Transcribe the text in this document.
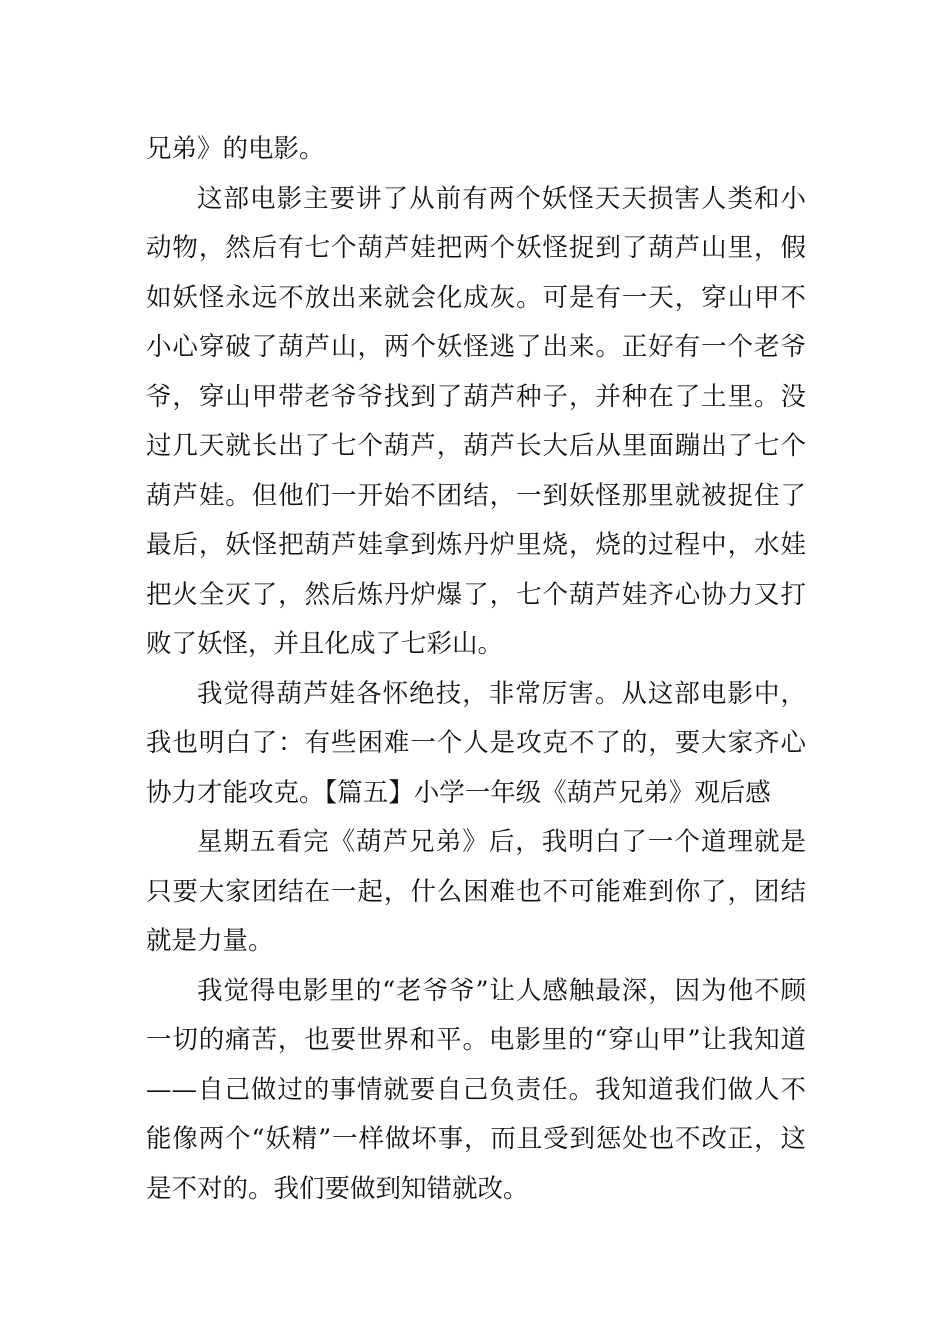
兄弟》的电影。

这部电影主要讲了从前有两个妖怪天天损害人类和小动物，然后有七个葫芦娃把两个妖怪捉到了葫芦山里，假如妖怪永远不放出来就会化成灰。可是有一天，穿山甲不小心穿破了葫芦山，两个妖怪逃了出来。正好有一个老爷爷，穿山甲带老爷爷找到了葫芦种子，并种在了土里。没过几天就长出了七个葫芦，葫芦长大后从里面蹦出了七个葫芦娃。但他们一开始不团结，一到妖怪那里就被捉住了最后，妖怪把葫芦娃拿到炼丹炉里烧，烧的过程中，水娃把火全灭了，然后炼丹炉爆了，七个葫芦娃齐心协力又打败了妖怪，并且化成了七彩山。

我觉得葫芦娃各怀绝技，非常厉害。从这部电影中，我也明白了：有些困难一个人是攻克不了的，要大家齐心协力才能攻克。【篇五】小学一年级《葫芦兄弟》观后感

星期五看完《葫芦兄弟》后，我明白了一个道理就是只要大家团结在一起，什么困难也不可能难到你了，团结就是力量。

我觉得电影里的“老爷爷”让人感触最深，因为他不顾一切的痛苦，也要世界和平。电影里的“穿山甲”让我知道——自己做过的事情就要自己负责任。我知道我们做人不能像两个“妖精”一样做坏事，而且受到惩处也不改正，这是不对的。我们要做到知错就改。
